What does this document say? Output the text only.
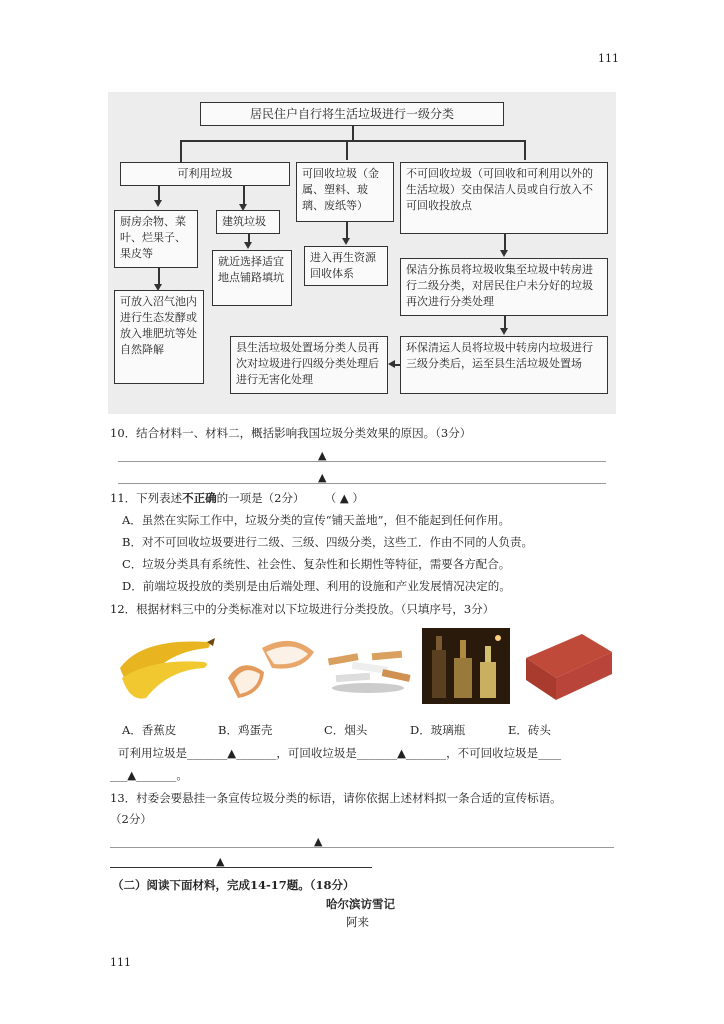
111
居民住户自行将生活垃圾进行一级分类
可利用垃圾	可回收垃圾（金属、塑料、玻璃、废纸等）
不可回收垃圾（可回收和可利用以外的生活垃圾）交由保洁人员或自行放入不可回收投放点
厨房余物、菜叶、烂果子、果皮等
建筑垃圾
就近选择适宜地点铺路填坑
可放入沼气池内进行生态发酵或放入堆肥坑等处自然降解
进入再生资源回收体系	保洁分拣员将垃圾收集至垃圾中转房进行二级分类，对居民住户未分好的垃圾再次进行分类处理
环保清运人员将垃圾中转房内垃圾进行三级分类后，运至县生活垃圾处置场
县生活垃圾处置场分类人员再次对垃圾进行四级分类处理后进行无害化处理
10．结合材料一、材料二，概括影响我国垃圾分类效果的原因。（3分）
▲
▲
11．下列表述不正确的一项是（2分） （ ▲ ）
A．虽然在实际工作中，垃圾分类的宣传“铺天盖地”，但不能起到任何作用。
B．对不可回收垃圾要进行二级、三级、四级分类，这些工．作由不同的人负责。
C．垃圾分类具有系统性、社会性、复杂性和长期性等特征，需要各方配合。
D．前端垃圾投放的类别是由后端处理、利用的设施和产业发展情况决定的。
12．根据材料三中的分类标准对以下垃圾进行分类投放。（只填序号，3分）
A．香蕉皮	B．鸡蛋壳	C．烟头	D．玻璃瓶	E．砖头
可利用垃圾是_______▲_______，可回收垃圾是_______▲_______，不可回收垃圾是____
___▲_______。
13．村委会要悬挂一条宣传垃圾分类的标语，请你依据上述材料拟一条合适的宣传标语。
（2分）
▲
▲
（二）阅读下面材料，完成14-17题。（18分）
哈尔滨访雪记
阿来
111
